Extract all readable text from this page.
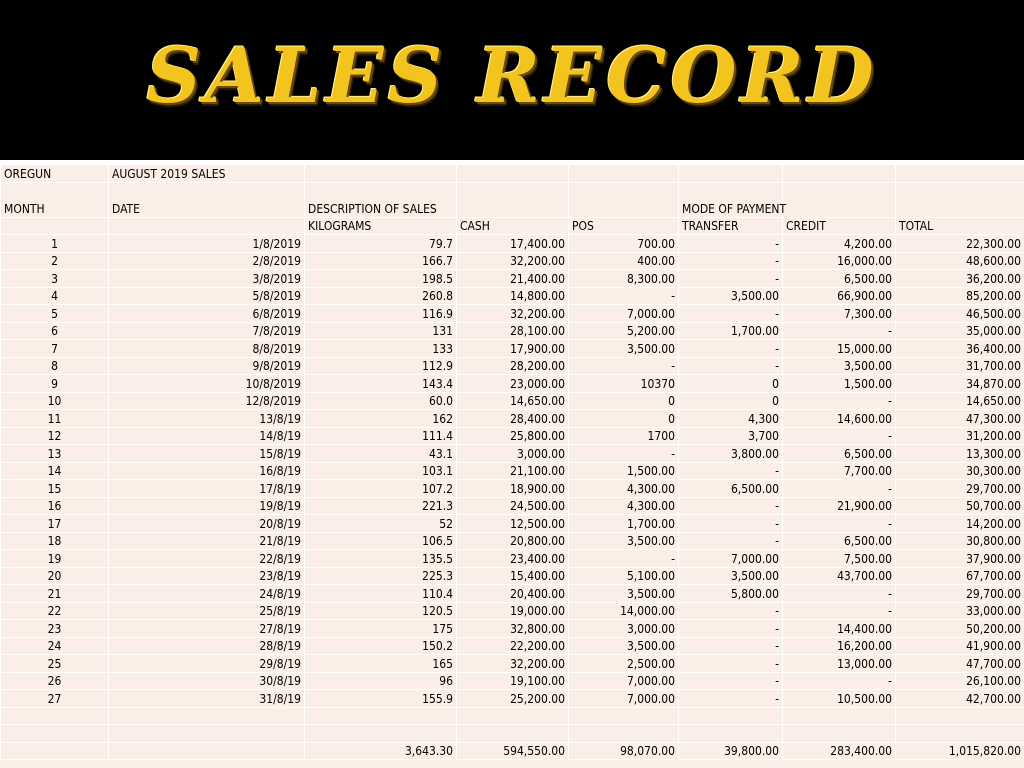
SALES RECORD
OREGUN	AUGUST 2019 SALES						
MONTH	DATE	DESCRIPTION OF SALES			MODE OF PAYMENT		
		KILOGRAMS	CASH	POS	TRANSFER	CREDIT	TOTAL
1	1/8/2019	79.7	17,400.00	700.00	-	4,200.00	22,300.00
2	2/8/2019	166.7	32,200.00	400.00	-	16,000.00	48,600.00
3	3/8/2019	198.5	21,400.00	8,300.00	-	6,500.00	36,200.00
4	5/8/2019	260.8	14,800.00	-	3,500.00	66,900.00	85,200.00
5	6/8/2019	116.9	32,200.00	7,000.00	-	7,300.00	46,500.00
6	7/8/2019	131	28,100.00	5,200.00	1,700.00	-	35,000.00
7	8/8/2019	133	17,900.00	3,500.00	-	15,000.00	36,400.00
8	9/8/2019	112.9	28,200.00	-	-	3,500.00	31,700.00
9	10/8/2019	143.4	23,000.00	10370	0	1,500.00	34,870.00
10	12/8/2019	60.0	14,650.00	0	0	-	14,650.00
11	13/8/19	162	28,400.00	0	4,300	14,600.00	47,300.00
12	14/8/19	111.4	25,800.00	1700	3,700	-	31,200.00
13	15/8/19	43.1	3,000.00	-	3,800.00	6,500.00	13,300.00
14	16/8/19	103.1	21,100.00	1,500.00	-	7,700.00	30,300.00
15	17/8/19	107.2	18,900.00	4,300.00	6,500.00	-	29,700.00
16	19/8/19	221.3	24,500.00	4,300.00	-	21,900.00	50,700.00
17	20/8/19	52	12,500.00	1,700.00	-	-	14,200.00
18	21/8/19	106.5	20,800.00	3,500.00	-	6,500.00	30,800.00
19	22/8/19	135.5	23,400.00	-	7,000.00	7,500.00	37,900.00
20	23/8/19	225.3	15,400.00	5,100.00	3,500.00	43,700.00	67,700.00
21	24/8/19	110.4	20,400.00	3,500.00	5,800.00	-	29,700.00
22	25/8/19	120.5	19,000.00	14,000.00	-	-	33,000.00
23	27/8/19	175	32,800.00	3,000.00	-	14,400.00	50,200.00
24	28/8/19	150.2	22,200.00	3,500.00	-	16,200.00	41,900.00
25	29/8/19	165	32,200.00	2,500.00	-	13,000.00	47,700.00
26	30/8/19	96	19,100.00	7,000.00	-	-	26,100.00
27	31/8/19	155.9	25,200.00	7,000.00	-	10,500.00	42,700.00

		3,643.30	594,550.00	98,070.00	39,800.00	283,400.00	1,015,820.00
